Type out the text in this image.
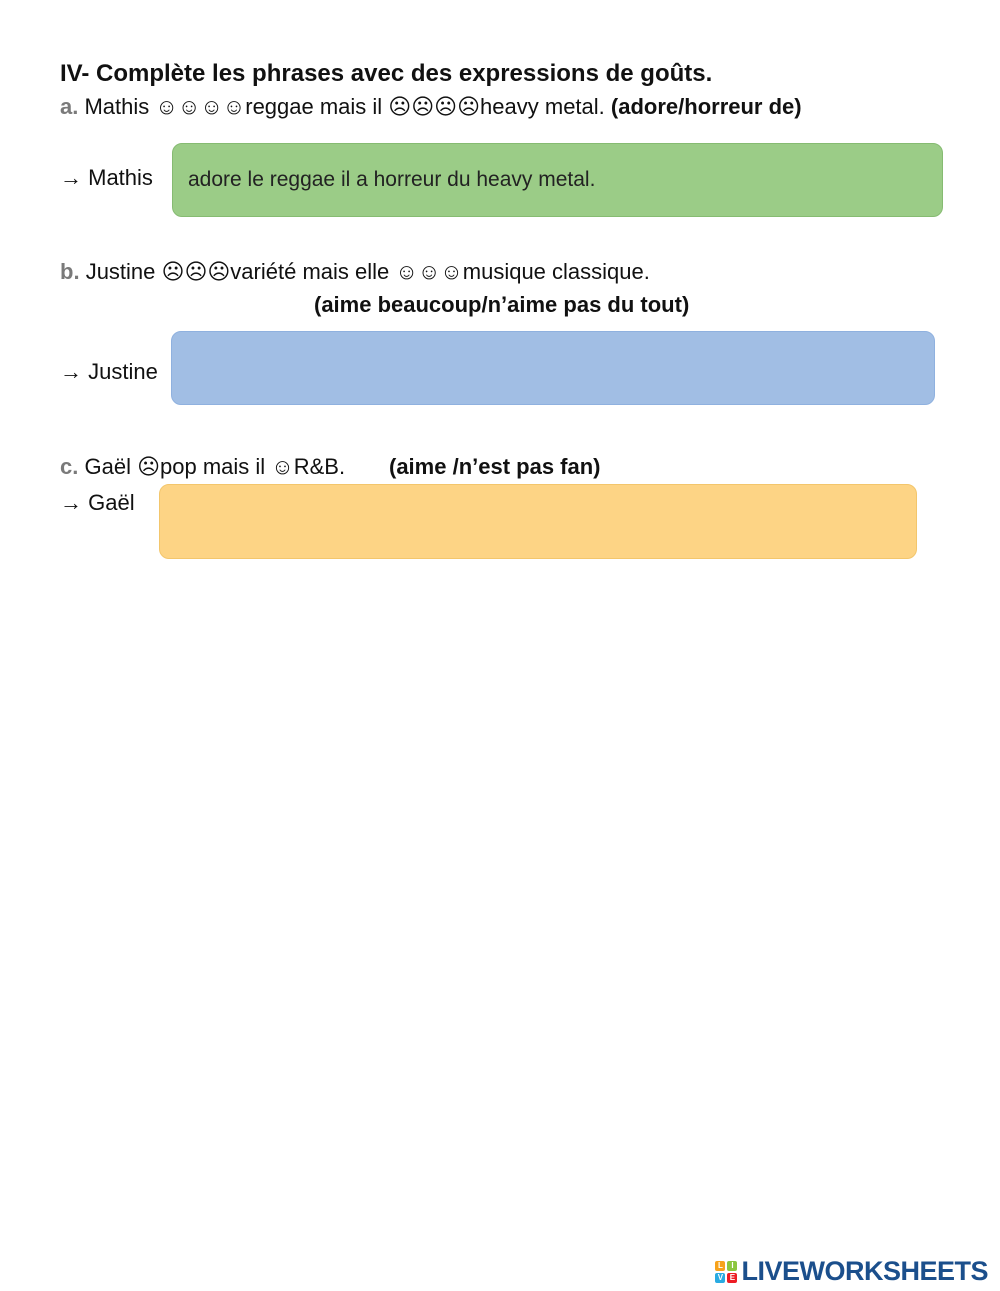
IV- Complète les phrases avec des expressions de goûts.
a. Mathis ☺☺☺☺reggae mais il ☹☹☹☹heavy metal. (adore/horreur de)
→ Mathis	adore le reggae il a horreur du heavy metal.
b. Justine ☹☹☹variété mais elle ☺☺☺musique classique.
(aime beaucoup/n’aime pas du tout)
→ Justine
c. Gaël ☹pop mais il ☺R&B. (aime /n’est pas fan)
→ Gaël
L	I
V E LIVEWORKSHEETS
